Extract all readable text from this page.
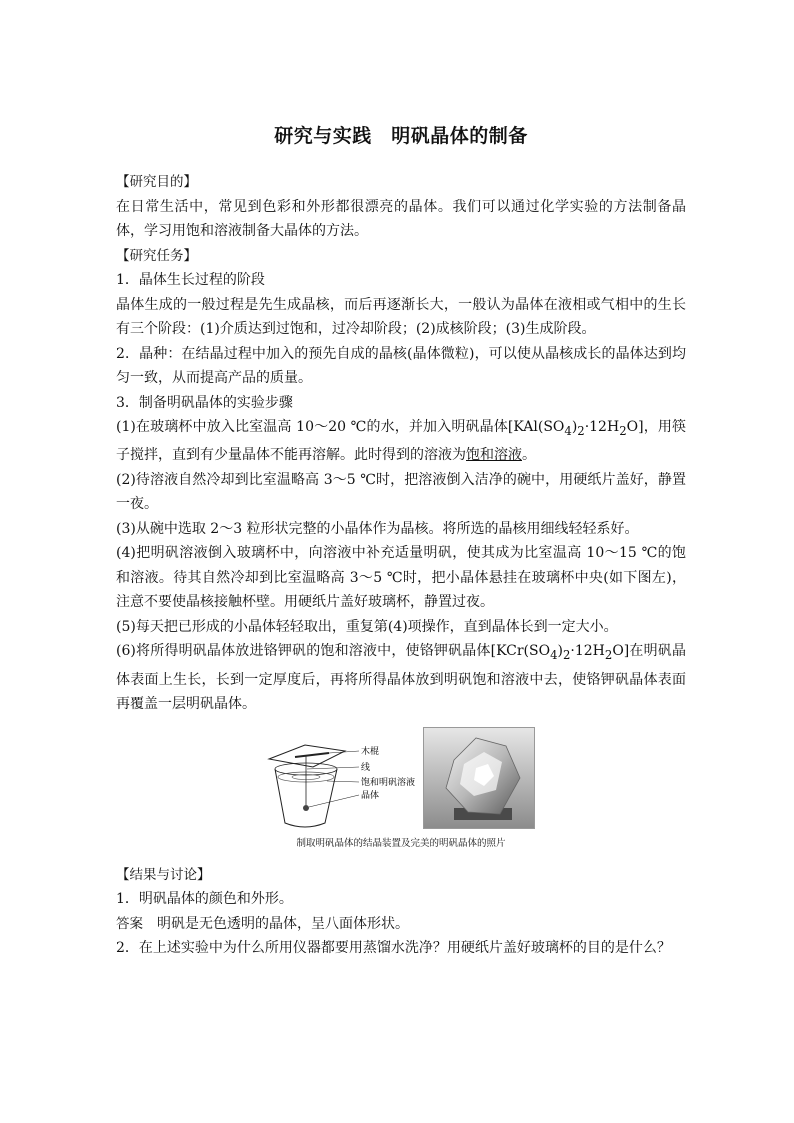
研究与实践　明矾晶体的制备

【研究目的】

在日常生活中，常见到色彩和外形都很漂亮的晶体。我们可以通过化学实验的方法制备晶体，学习用饱和溶液制备大晶体的方法。

【研究任务】

1．晶体生长过程的阶段

晶体生成的一般过程是先生成晶核，而后再逐渐长大，一般认为晶体在液相或气相中的生长有三个阶段：(1)介质达到过饱和，过冷却阶段；(2)成核阶段；(3)生成阶段。

2．晶种：在结晶过程中加入的预先自成的晶核(晶体微粒)，可以使从晶核成长的晶体达到均匀一致，从而提高产品的质量。

3．制备明矾晶体的实验步骤

(1)在玻璃杯中放入比室温高 10～20 ℃的水，并加入明矾晶体$[KAl(SO_4)_2\cdot 12H_2O]$，用筷子搅拌，直到有少量晶体不能再溶解。此时得到的溶液为饱和溶液。

(2)待溶液自然冷却到比室温略高 3～5 ℃时，把溶液倒入洁净的碗中，用硬纸片盖好，静置一夜。

(3)从碗中选取 2～3 粒形状完整的小晶体作为晶核。将所选的晶核用细线轻轻系好。

(4)把明矾溶液倒入玻璃杯中，向溶液中补充适量明矾，使其成为比室温高 10～15 ℃的饱和溶液。待其自然冷却到比室温略高 3～5 ℃时，把小晶体悬挂在玻璃杯中央(如下图左)，注意不要使晶核接触杯壁。用硬纸片盖好玻璃杯，静置过夜。

(5)每天把已形成的小晶体轻轻取出，重复第(4)项操作，直到晶体长到一定大小。

(6)将所得明矾晶体放进铬钾矾的饱和溶液中，使铬钾矾晶体$[KCr(SO_4)_2\cdot 12H_2O]$在明矾晶体表面上生长，长到一定厚度后，再将所得晶体放到明矾饱和溶液中去，使铬钾矾晶体表面再覆盖一层明矾晶体。

木棍
线
饱和明矾溶液
晶体
制取明矾晶体的结晶装置及完美的明矾晶体的照片

【结果与讨论】

1．明矾晶体的颜色和外形。

答案　明矾是无色透明的晶体，呈八面体形状。

2．在上述实验中为什么所用仪器都要用蒸馏水洗净？用硬纸片盖好玻璃杯的目的是什么？
